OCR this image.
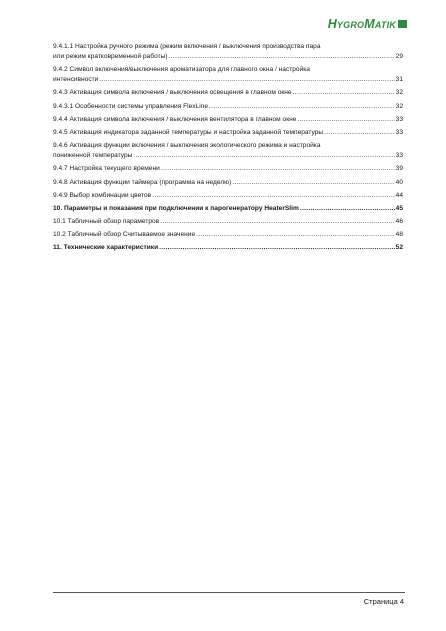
HYGROMATIK
9.4.1.1 Настройка ручного режима (режим включения / выключения производства пара
или режим кратковременной работы) .....	29
9.4.2 Символ включения/выключения ароматизатора для главного окна / настройка
интенсивности .....	31
9.4.3 Активация символа включения / выключения освещения в главном окне .....	32
9.4.3.1 Особенности системы управления FlexLine .....	32
9.4.4 Активация символа включения / выключения вентилятора в главном окне .....	33
9.4.5 Активация индикатора заданной температуры и настройка заданной температуры .....	33
9.4.6 Активация функции включения / выключения экологического режима и настройка
пониженной температуры .....	33
9.4.7 Настройка текущего времени .....	39
9.4.8 Активация функции таймера (программа на неделю) .....	40
9.4.9 Выбор комбинации цветов .....	44
10. Параметры и показания при подключении к парогенератору HeaterSlim .....	45
10.1 Табличный обзор параметров .....	46
10.2 Табличный обзор Считываемое значение .....	48
11. Технические характеристики .....	52
Страница 4
